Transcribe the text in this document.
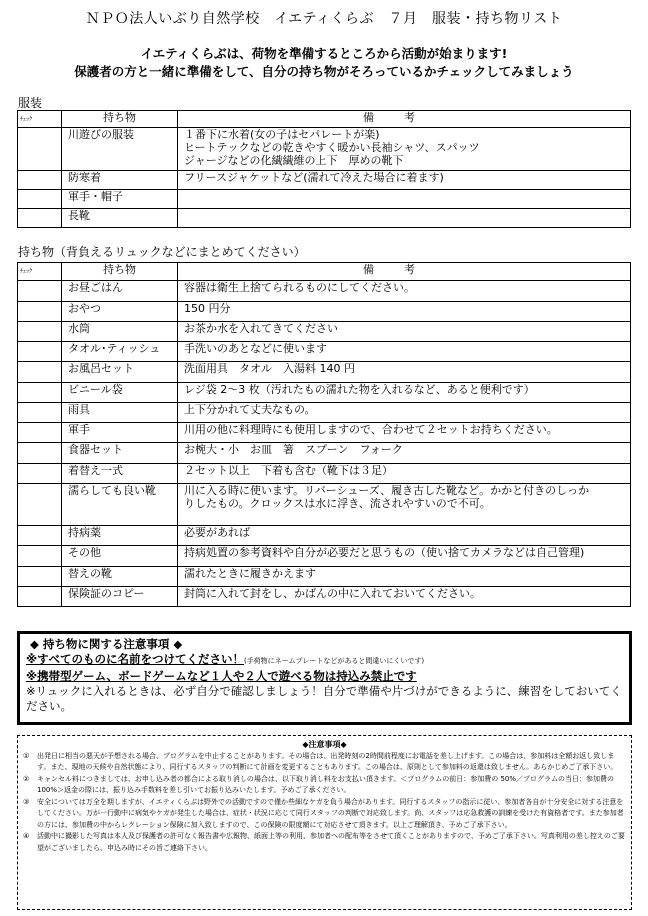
ＮＰＯ法人いぶり自然学校　イエティくらぶ　７月　服装・持ち物リスト
イエティくらぶは、荷物を準備するところから活動が始まります!
保護者の方と一緒に準備をして、自分の持ち物がそろっているかチェックしてみましょう
服装
ﾁｪｯｸ	持ち物	備考
	川遊びの服装	１番下に水着(女の子はセパレートが楽)
ヒートテックなどの乾きやすく暖かい長袖シャツ、スパッツ
ジャージなどの化繊繊維の上下　厚めの靴下

	防寒着	フリースジャケットなど(濡れて冷えた場合に着ます)

	軍手・帽子	

	長靴	
持ち物（背負えるリュックなどにまとめてください）
ﾁｪｯｸ	持ち物	備考
	お昼ごはん	容器は衛生上捨てられるものにしてください。

	おやつ	150 円分

	水筒	お茶か水を入れてきてください

	タオル･ティッシュ	手洗いのあとなどに使います

	お風呂セット	洗面用具　タオル　入湯料 140 円

	ビニール袋	レジ袋 2～3 枚（汚れたもの濡れた物を入れるなど、あると便利です）

	雨具	上下分かれて丈夫なもの。

	軍手	川用の他に料理時にも使用しますので、合わせて２セットお持ちください。

	食器セット	お椀大・小　お皿　箸　スプーン　フォーク

	着替え一式	２セット以上　下着も含む（靴下は３足）

	濡らしても良い靴	川に入る時に使います。リバーシューズ、履き古した靴など。かかと付きのしっか
りしたもの。クロックスは水に浮き、流されやすいので不可。

	持病薬	必要があれば

	その他	持病処置の参考資料や自分が必要だと思うもの（使い捨てカメラなどは自己管理)

	替えの靴	濡れたときに履きかえます

	保険証のコピー	封筒に入れて封をし、かばんの中に入れておいてください。
◆ 持ち物に関する注意事項 ◆
※すべてのものに名前をつけてください！(手荷物にネームプレートなどがあると間違いにくいです)
※携帯型ゲーム、ボードゲームなど１人や２人で遊べる物は持込み禁止です
※リュックに入れるときは、必ず自分で確認しましょう！自分で準備や片づけができるように、練習をしておいてください。
◆注意事項◆
①	出発日に相当の悪天が予想される場合、プログラムを中止することがあります。その場合は、出発時刻の2時間前程度にお電話を差し上げます。この場合は、参加料は全額お返し致します。また、現地の天候や自然状態により、同行するスタッフの判断にて計画を変更することもあります。この場合は、原則として参加料の返還は致しません。あらかじめご了承下さい。
②	キャンセル料につきましては、お申し込み者の都合による取り消しの場合は、以下取り消し料をお支払い頂きます。＜プログラムの前日：参加費の 50%／プログラムの当日：参加費の 100%＞返金の際には、振り込み手数料を差し引いてお振り込みいたします。予めご了承ください。
③	安全については万全を期しますが、イエティくらぶは野外での活動ですので僅か些細なケガを負う場合があります。同行するスタッフの指示に従い、参加者各自が十分安全に対する注意をしてください。万が一行動中に病気やケガが発生した場合は、症状・状況に応じて同行スタッフの判断で対応致します。尚、スタッフは応急救護の訓練を受けた有資格者です。また参加者の方には、参加費の中からレクレーション保険に加入致しますので、この保険の限度額にて対応させて頂きます。以上ご理解頂き、予めご了承下さい。
④	活動中に撮影した写真は本人及び保護者の許可なく報告書や広報物、紙面上等の利用、参加者への配布等をさせて頂くことがありますので、予めご了承下さい。写真利用の差し控えのご要望がございましたら、申込み時にその旨ご連絡下さい。
